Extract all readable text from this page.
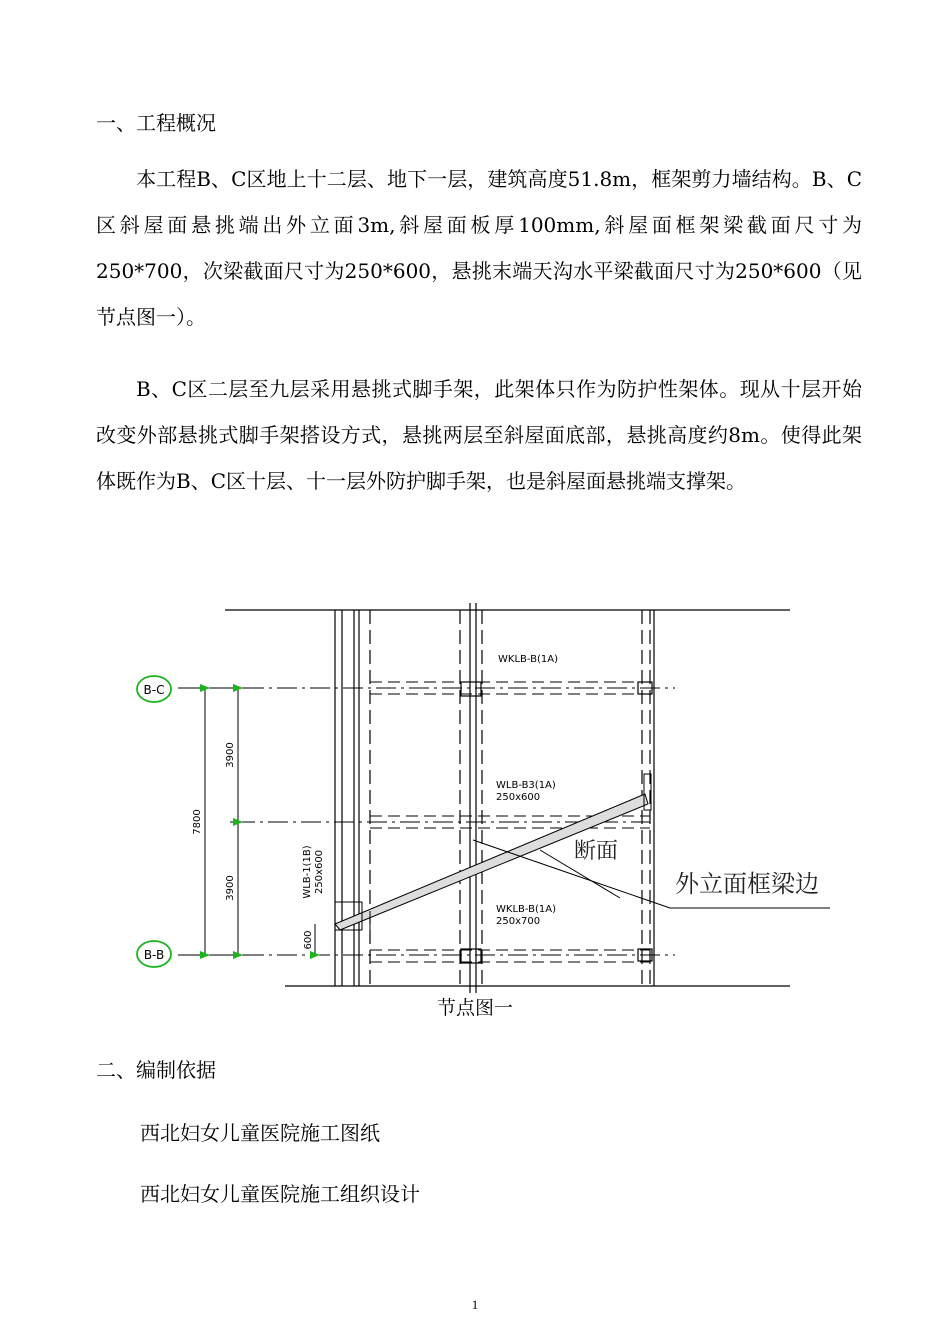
一、工程概况

本工程B、C区地上十二层、地下一层，建筑高度51.8m，框架剪力墙结构。B、C区斜屋面悬挑端出外立面3m,斜屋面板厚100mm,斜屋面框架梁截面尺寸为250*700，次梁截面尺寸为250*600，悬挑末端天沟水平梁截面尺寸为250*600（见节点图一）。

B、C区二层至九层采用悬挑式脚手架，此架体只作为防护性架体。现从十层开始改变外部悬挑式脚手架搭设方式，悬挑两层至斜屋面底部，悬挑高度约8m。使得此架体既作为B、C区十层、十一层外防护脚手架，也是斜屋面悬挑端支撑架。

B-C
B-B
7800
3900
3900
600
WKLB-B(1A)
WLB-B3(1A)
250x600
WKLB-B(1A)
250x700
WLB-1(1B) 250x600	断面
外立面框梁边
节点图一
二、编制依据
西北妇女儿童医院施工图纸
西北妇女儿童医院施工组织设计
1
